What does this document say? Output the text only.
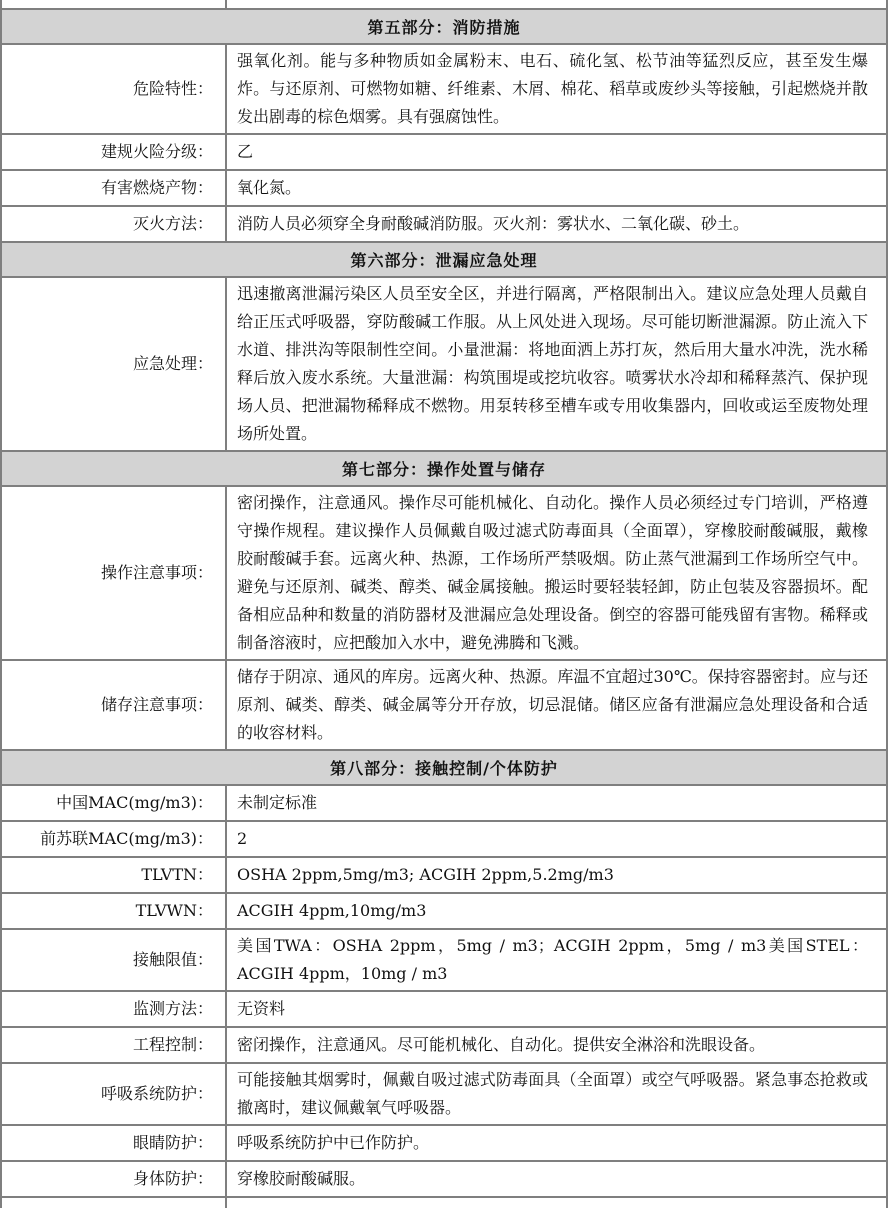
第五部分：消防措施
危险特性：
强氧化剂。能与多种物质如金属粉末、电石、硫化氢、松节油等猛烈反应，甚至发生爆炸。与还原剂、可燃物如糖、纤维素、木屑、棉花、稻草或废纱头等接触，引起燃烧并散发出剧毒的棕色烟雾。具有强腐蚀性。
建规火险分级：	乙
有害燃烧产物：	氧化氮。
灭火方法：	消防人员必须穿全身耐酸碱消防服。灭火剂：雾状水、二氧化碳、砂土。
第六部分：泄漏应急处理
应急处理：
迅速撤离泄漏污染区人员至安全区，并进行隔离，严格限制出入。建议应急处理人员戴自给正压式呼吸器，穿防酸碱工作服。从上风处进入现场。尽可能切断泄漏源。防止流入下水道、排洪沟等限制性空间。小量泄漏：将地面洒上苏打灰，然后用大量水冲洗，洗水稀释后放入废水系统。大量泄漏：构筑围堤或挖坑收容。喷雾状水冷却和稀释蒸汽、保护现场人员、把泄漏物稀释成不燃物。用泵转移至槽车或专用收集器内，回收或运至废物处理场所处置。
第七部分：操作处置与储存
操作注意事项：
密闭操作，注意通风。操作尽可能机械化、自动化。操作人员必须经过专门培训，严格遵守操作规程。建议操作人员佩戴自吸过滤式防毒面具（全面罩），穿橡胶耐酸碱服，戴橡胶耐酸碱手套。远离火种、热源，工作场所严禁吸烟。防止蒸气泄漏到工作场所空气中。避免与还原剂、碱类、醇类、碱金属接触。搬运时要轻装轻卸，防止包装及容器损坏。配备相应品种和数量的消防器材及泄漏应急处理设备。倒空的容器可能残留有害物。稀释或制备溶液时，应把酸加入水中，避免沸腾和飞溅。
储存注意事项：
储存于阴凉、通风的库房。远离火种、热源。库温不宜超过30℃。保持容器密封。应与还原剂、碱类、醇类、碱金属等分开存放，切忌混储。储区应备有泄漏应急处理设备和合适的收容材料。
第八部分：接触控制/个体防护
中国MAC(mg/m3)：	未制定标准
前苏联MAC(mg/m3)：	2
TLVTN：	OSHA 2ppm,5mg/m3; ACGIH 2ppm,5.2mg/m3
TLVWN：	ACGIH 4ppm,10mg/m3
接触限值：
美国TWA：OSHA 2ppm，5mg / m3；ACGIH 2ppm，5mg / m3美国STEL：ACGIH 4ppm，10mg / m3
监测方法：	无资料
工程控制：	密闭操作，注意通风。尽可能机械化、自动化。提供安全淋浴和洗眼设备。
呼吸系统防护：
可能接触其烟雾时，佩戴自吸过滤式防毒面具（全面罩）或空气呼吸器。紧急事态抢救或撤离时，建议佩戴氧气呼吸器。
眼睛防护：	呼吸系统防护中已作防护。
身体防护：	穿橡胶耐酸碱服。
